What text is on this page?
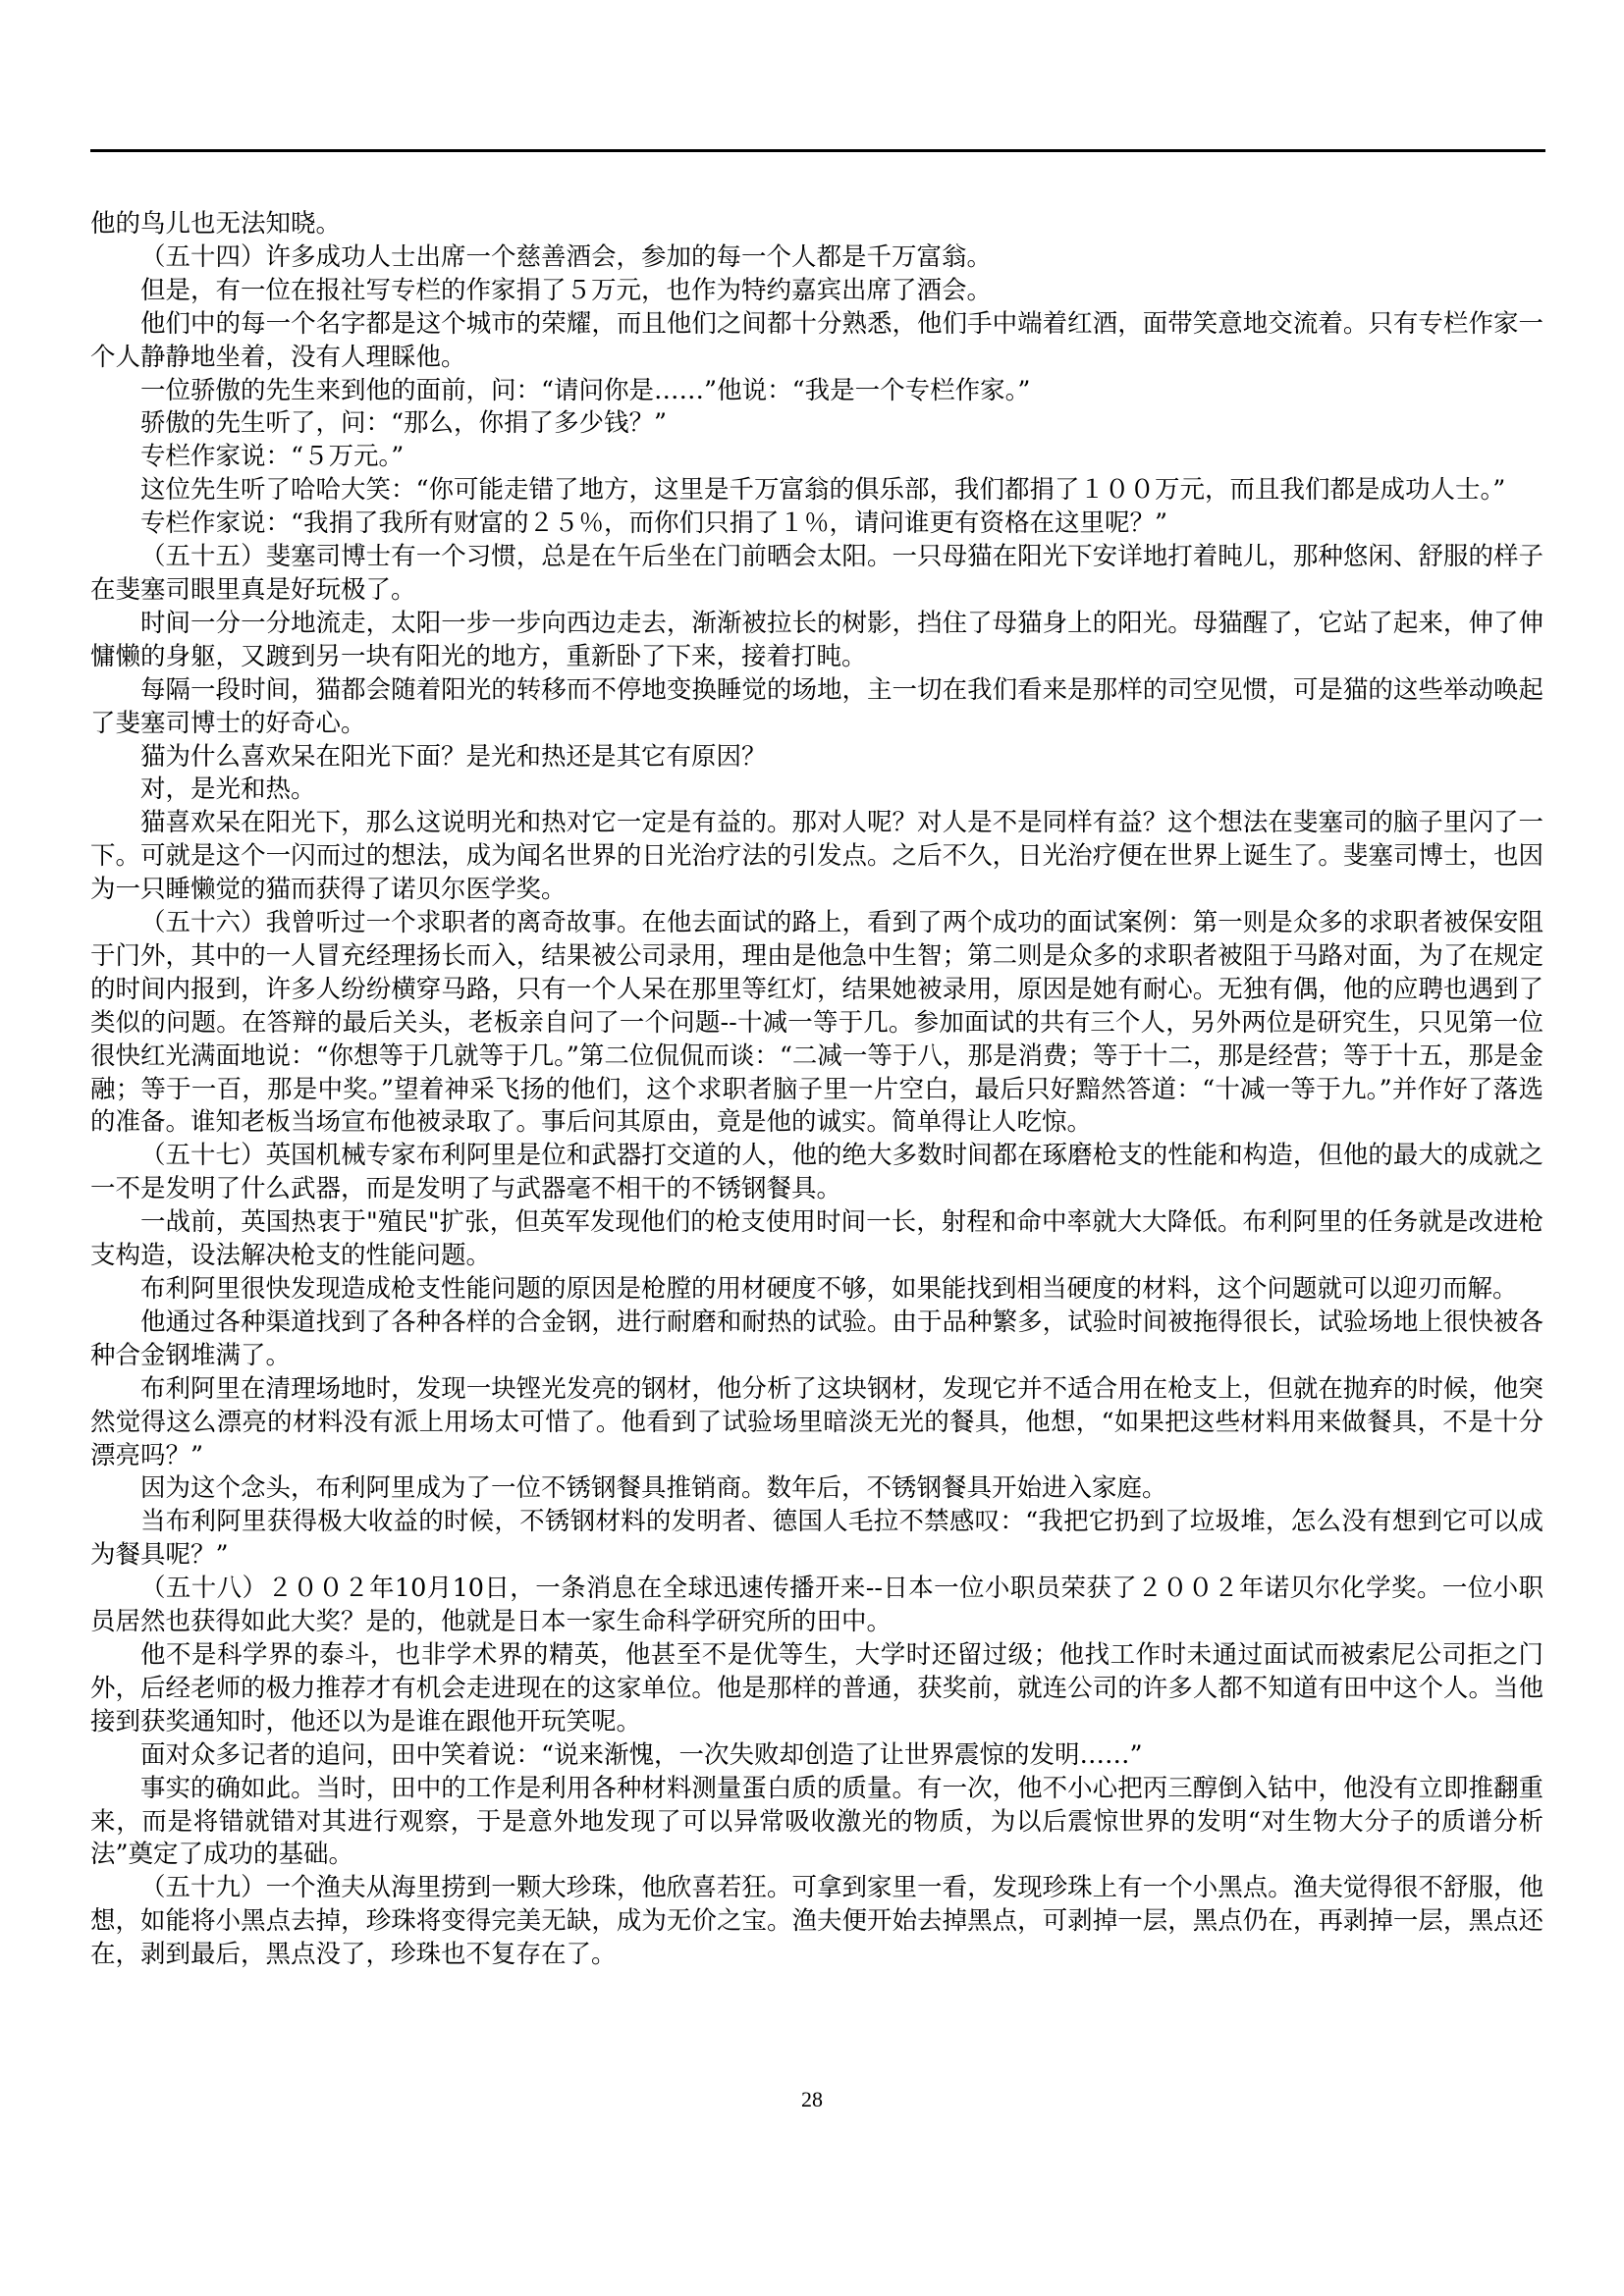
他的鸟儿也无法知晓。

（五十四）许多成功人士出席一个慈善酒会，参加的每一个人都是千万富翁。

但是，有一位在报社写专栏的作家捐了５万元，也作为特约嘉宾出席了酒会。

他们中的每一个名字都是这个城市的荣耀，而且他们之间都十分熟悉，他们手中端着红酒，面带笑意地交流着。只有专栏作家一个人静静地坐着，没有人理睬他。

一位骄傲的先生来到他的面前，问：“请问你是……”他说：“我是一个专栏作家。”

骄傲的先生听了，问：“那么，你捐了多少钱？”

专栏作家说：“５万元。”

这位先生听了哈哈大笑：“你可能走错了地方，这里是千万富翁的俱乐部，我们都捐了１００万元，而且我们都是成功人士。”

专栏作家说：“我捐了我所有财富的２５％，而你们只捐了１％，请问谁更有资格在这里呢？”

（五十五）斐塞司博士有一个习惯，总是在午后坐在门前晒会太阳。一只母猫在阳光下安详地打着盹儿，那种悠闲、舒服的样子在斐塞司眼里真是好玩极了。

时间一分一分地流走，太阳一步一步向西边走去，渐渐被拉长的树影，挡住了母猫身上的阳光。母猫醒了，它站了起来，伸了伸慵懒的身躯，又踱到另一块有阳光的地方，重新卧了下来，接着打盹。

每隔一段时间，猫都会随着阳光的转移而不停地变换睡觉的场地，主一切在我们看来是那样的司空见惯，可是猫的这些举动唤起了斐塞司博士的好奇心。

猫为什么喜欢呆在阳光下面？是光和热还是其它有原因？

对，是光和热。

猫喜欢呆在阳光下，那么这说明光和热对它一定是有益的。那对人呢？对人是不是同样有益？这个想法在斐塞司的脑子里闪了一下。可就是这个一闪而过的想法，成为闻名世界的日光治疗法的引发点。之后不久，日光治疗便在世界上诞生了。斐塞司博士，也因为一只睡懒觉的猫而获得了诺贝尔医学奖。

（五十六）我曾听过一个求职者的离奇故事。在他去面试的路上，看到了两个成功的面试案例：第一则是众多的求职者被保安阻于门外，其中的一人冒充经理扬长而入，结果被公司录用，理由是他急中生智；第二则是众多的求职者被阻于马路对面，为了在规定的时间内报到，许多人纷纷横穿马路，只有一个人呆在那里等红灯，结果她被录用，原因是她有耐心。无独有偶，他的应聘也遇到了类似的问题。在答辩的最后关头，老板亲自问了一个问题--十减一等于几。参加面试的共有三个人，另外两位是研究生，只见第一位很快红光满面地说：“你想等于几就等于几。”第二位侃侃而谈：“二减一等于八，那是消费；等于十二，那是经营；等于十五，那是金融；等于一百，那是中奖。”望着神采飞扬的他们，这个求职者脑子里一片空白，最后只好黯然答道：“十减一等于九。”并作好了落选的准备。谁知老板当场宣布他被录取了。事后问其原由，竟是他的诚实。简单得让人吃惊。

（五十七）英国机械专家布利阿里是位和武器打交道的人，他的绝大多数时间都在琢磨枪支的性能和构造，但他的最大的成就之一不是发明了什么武器，而是发明了与武器毫不相干的不锈钢餐具。

一战前，英国热衷于"殖民"扩张，但英军发现他们的枪支使用时间一长，射程和命中率就大大降低。布利阿里的任务就是改进枪支构造，设法解决枪支的性能问题。

布利阿里很快发现造成枪支性能问题的原因是枪膛的用材硬度不够，如果能找到相当硬度的材料，这个问题就可以迎刃而解。

他通过各种渠道找到了各种各样的合金钢，进行耐磨和耐热的试验。由于品种繁多，试验时间被拖得很长，试验场地上很快被各种合金钢堆满了。

布利阿里在清理场地时，发现一块铿光发亮的钢材，他分析了这块钢材，发现它并不适合用在枪支上，但就在抛弃的时候，他突然觉得这么漂亮的材料没有派上用场太可惜了。他看到了试验场里暗淡无光的餐具，他想，“如果把这些材料用来做餐具，不是十分漂亮吗？”

因为这个念头，布利阿里成为了一位不锈钢餐具推销商。数年后，不锈钢餐具开始进入家庭。

当布利阿里获得极大收益的时候，不锈钢材料的发明者、德国人毛拉不禁感叹：“我把它扔到了垃圾堆，怎么没有想到它可以成为餐具呢？”

（五十八）２００２年10月10日，一条消息在全球迅速传播开来--日本一位小职员荣获了２００２年诺贝尔化学奖。一位小职员居然也获得如此大奖？是的，他就是日本一家生命科学研究所的田中。

他不是科学界的泰斗，也非学术界的精英，他甚至不是优等生，大学时还留过级；他找工作时未通过面试而被索尼公司拒之门外，后经老师的极力推荐才有机会走进现在的这家单位。他是那样的普通，获奖前，就连公司的许多人都不知道有田中这个人。当他接到获奖通知时，他还以为是谁在跟他开玩笑呢。

面对众多记者的追问，田中笑着说：“说来渐愧，一次失败却创造了让世界震惊的发明……”

事实的确如此。当时，田中的工作是利用各种材料测量蛋白质的质量。有一次，他不小心把丙三醇倒入钴中，他没有立即推翻重来，而是将错就错对其进行观察，于是意外地发现了可以异常吸收激光的物质，为以后震惊世界的发明“对生物大分子的质谱分析法”奠定了成功的基础。

（五十九）一个渔夫从海里捞到一颗大珍珠，他欣喜若狂。可拿到家里一看，发现珍珠上有一个小黑点。渔夫觉得很不舒服，他想，如能将小黑点去掉，珍珠将变得完美无缺，成为无价之宝。渔夫便开始去掉黑点，可剥掉一层，黑点仍在，再剥掉一层，黑点还在，剥到最后，黑点没了，珍珠也不复存在了。

28
